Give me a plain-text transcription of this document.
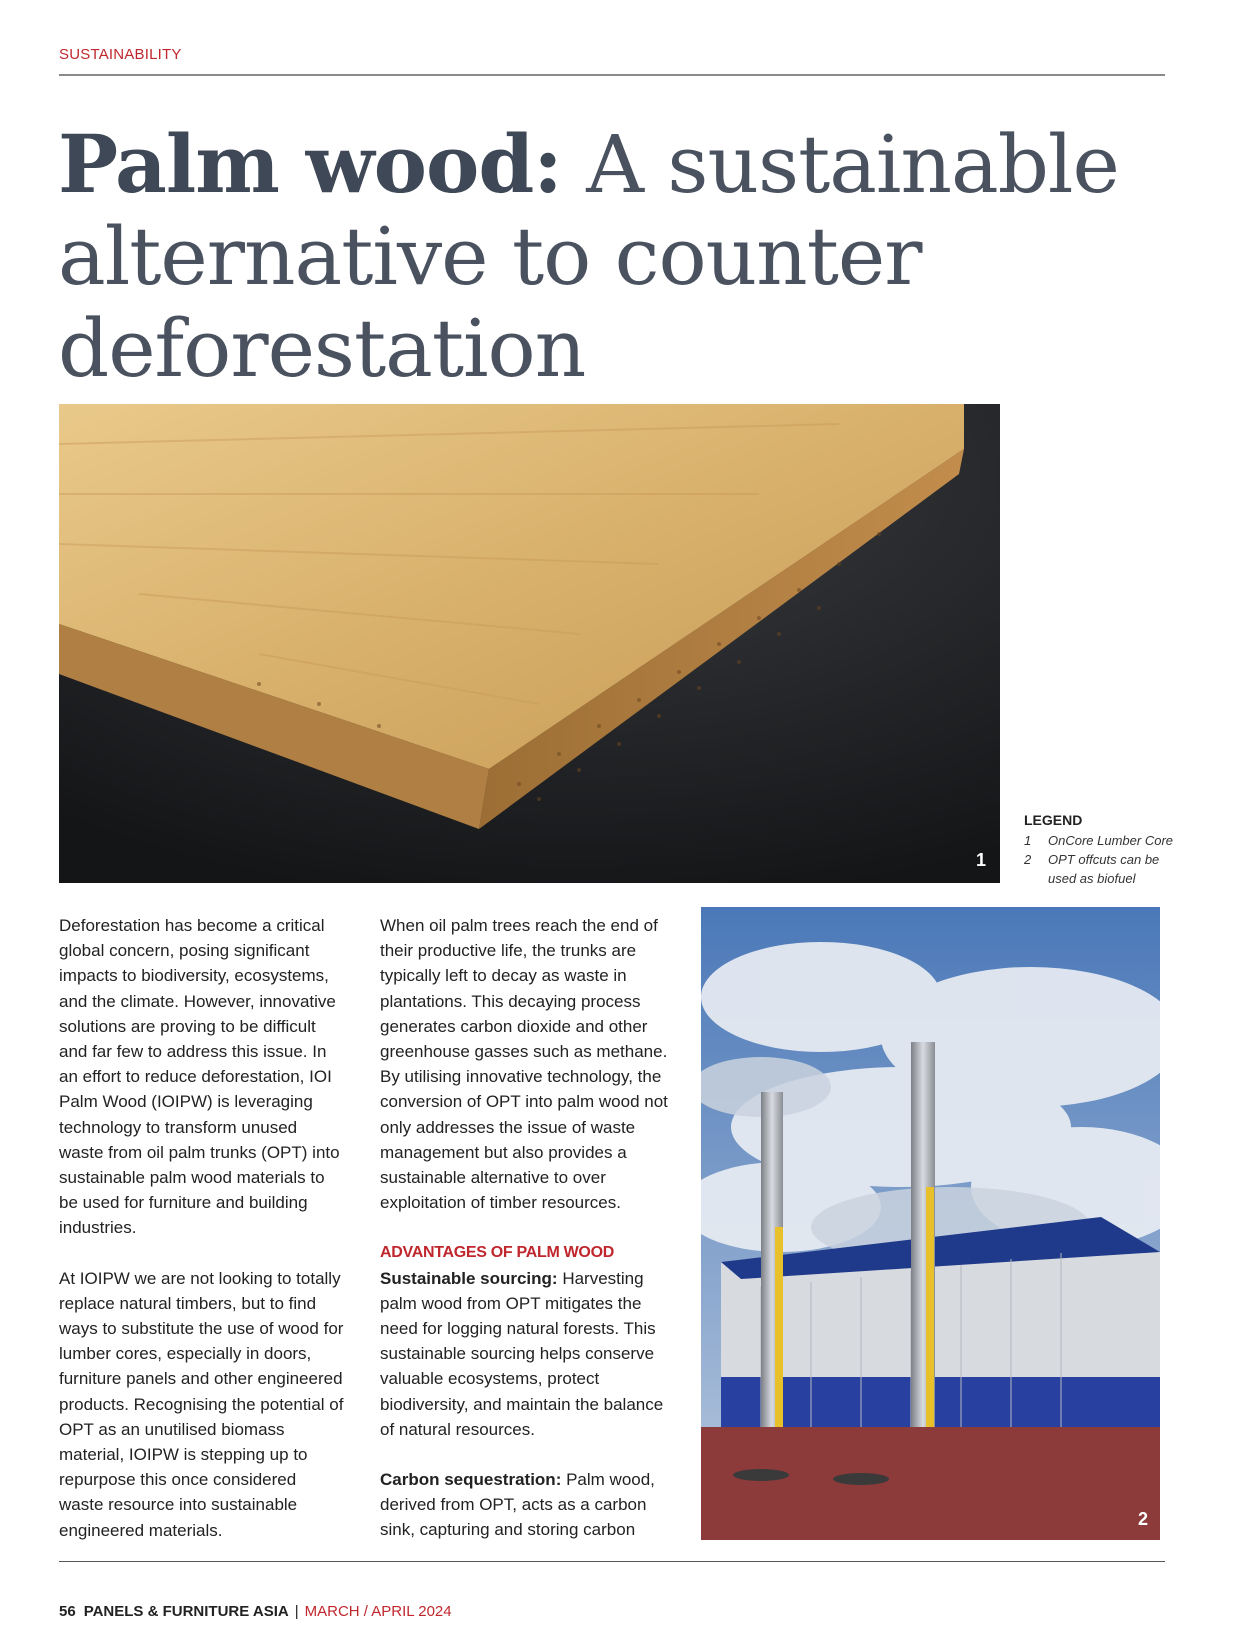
SUSTAINABILITY
Palm wood: A sustainable alternative to counter deforestation
1
LEGEND
1	OnCore Lumber Core
2	OPT offcuts can be used as biofuel

Deforestation has become a critical global concern, posing significant impacts to biodiversity, ecosystems, and the climate. However, innovative solutions are proving to be difficult and far few to address this issue. In an effort to reduce deforestation, IOI Palm Wood (IOIPW) is leveraging technology to transform unused waste from oil palm trunks (OPT) into sustainable palm wood materials to be used for furniture and building industries.

At IOIPW we are not looking to totally replace natural timbers, but to find ways to substitute the use of wood for lumber cores, especially in doors, furniture panels and other engineered products. Recognising the potential of OPT as an unutilised biomass material, IOIPW is stepping up to repurpose this once considered waste resource into sustainable engineered materials.

When oil palm trees reach the end of their productive life, the trunks are typically left to decay as waste in plantations. This decaying process generates carbon dioxide and other greenhouse gasses such as methane. By utilising innovative technology, the conversion of OPT into palm wood not only addresses the issue of waste management but also provides a sustainable alternative to over exploitation of timber resources.

ADVANTAGES OF PALM WOOD

Sustainable sourcing: Harvesting palm wood from OPT mitigates the need for logging natural forests. This sustainable sourcing helps conserve valuable ecosystems, protect biodiversity, and maintain the balance of natural resources.

Carbon sequestration: Palm wood, derived from OPT, acts as a carbon sink, capturing and storing carbon

2
56 PANELS & FURNITURE ASIA | MARCH / APRIL 2024
